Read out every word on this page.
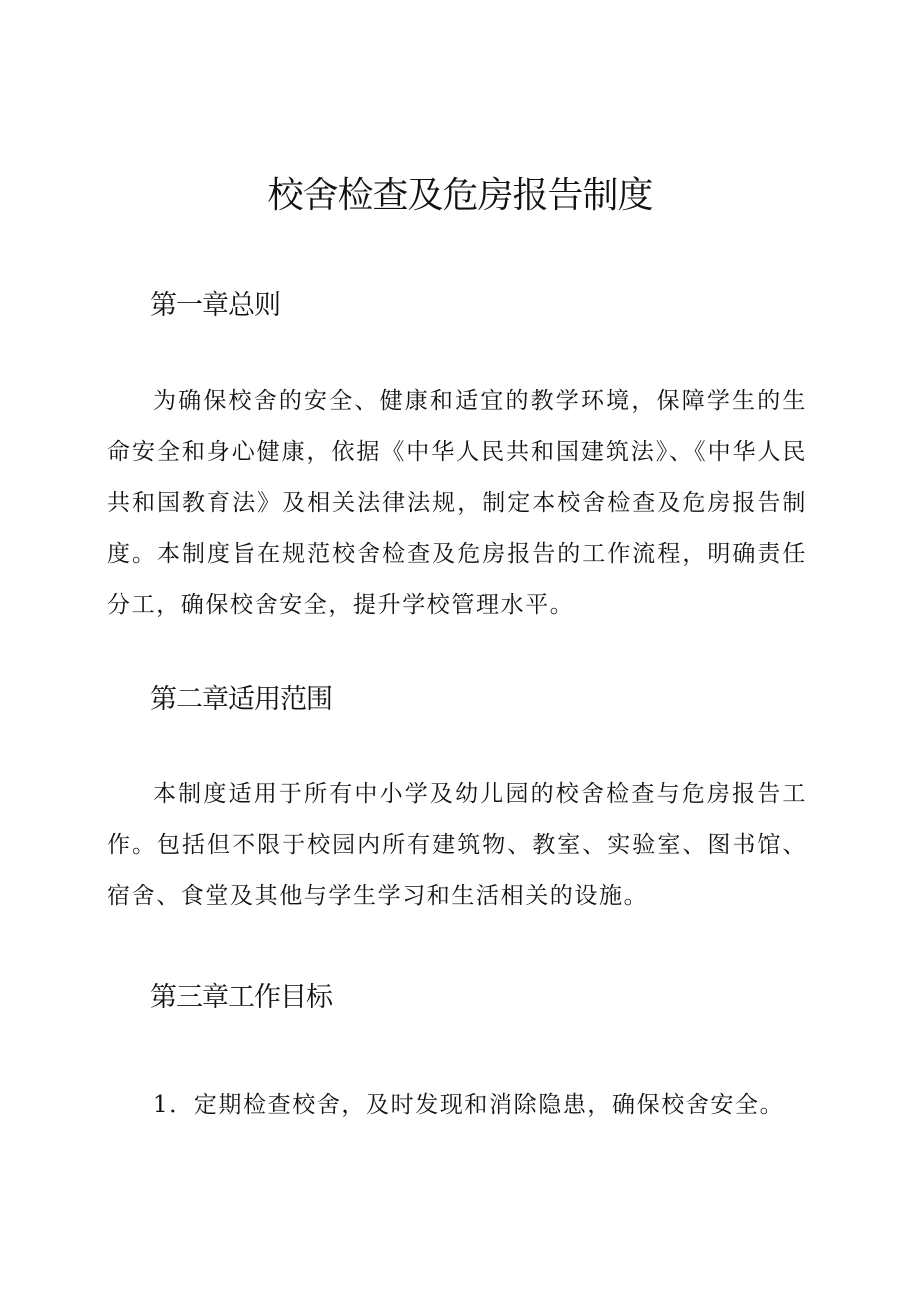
校舍检查及危房报告制度
第一章总则

为确保校舍的安全、健康和适宜的教学环境，保障学生的生命安全和身心健康，依据《中华人民共和国建筑法》、《中华人民共和国教育法》及相关法律法规，制定本校舍检查及危房报告制度。本制度旨在规范校舍检查及危房报告的工作流程，明确责任分工，确保校舍安全，提升学校管理水平。

第二章适用范围

本制度适用于所有中小学及幼儿园的校舍检查与危房报告工作。包括但不限于校园内所有建筑物、教室、实验室、图书馆、宿舍、食堂及其他与学生学习和生活相关的设施。

第三章工作目标

1．定期检查校舍，及时发现和消除隐患，确保校舍安全。
